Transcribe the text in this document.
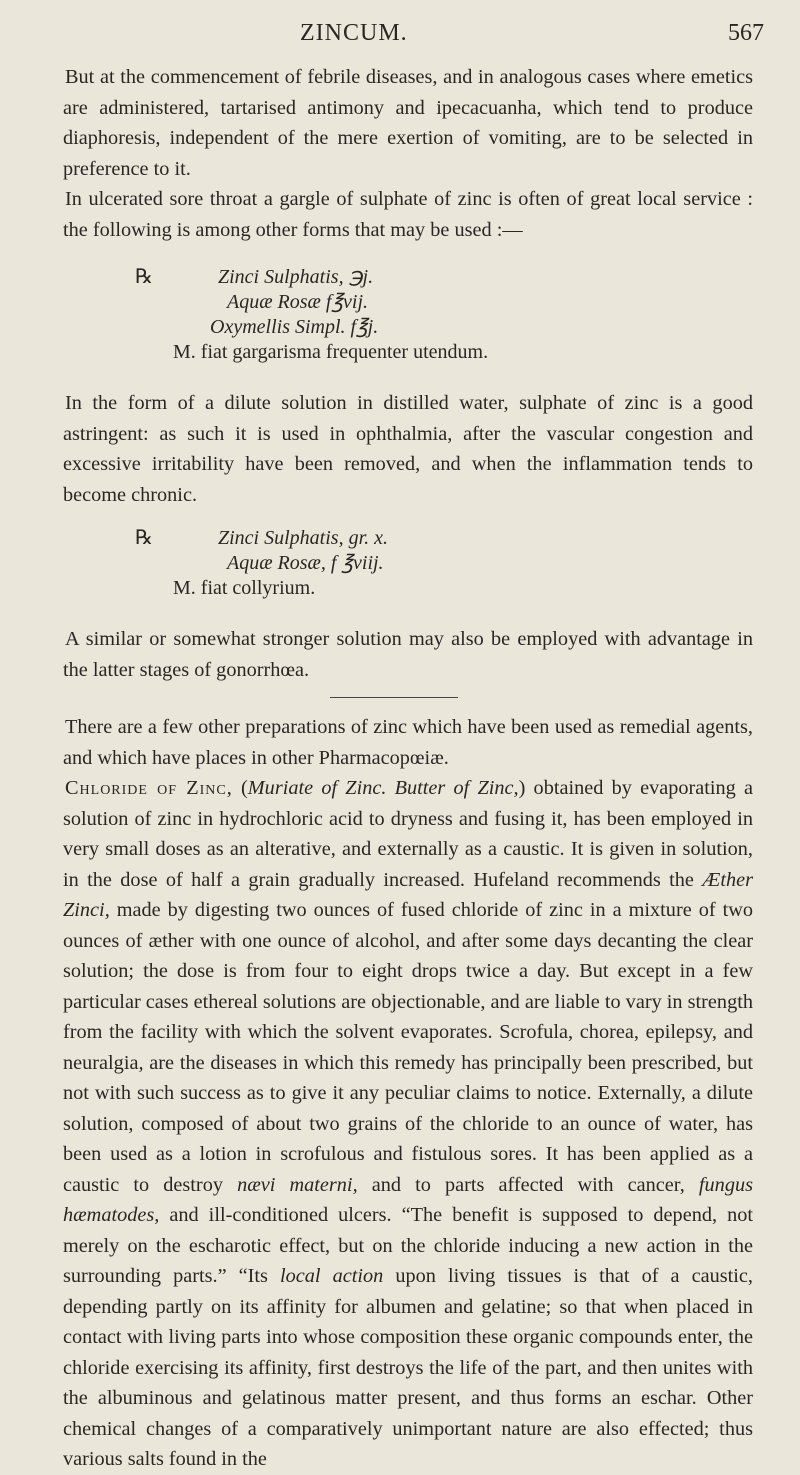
ZINCUM.	567

But at the commencement of febrile diseases, and in analogous cases where emetics are administered, tartarised antimony and ipecacuanha, which tend to produce diaphoresis, independent of the mere exertion of vomiting, are to be selected in preference to it.

In ulcerated sore throat a gargle of sulphate of zinc is often of great local service : the following is among other forms that may be used :—

℞	Zinci Sulphatis, ℈j.
Aquæ Rosæ f℥vij.
Oxymellis Simpl. f℥j.
M. fiat gargarisma frequenter utendum.

In the form of a dilute solution in distilled water, sulphate of zinc is a good astringent: as such it is used in ophthalmia, after the vascular congestion and excessive irritability have been removed, and when the inflammation tends to become chronic.

℞	Zinci Sulphatis, gr. x.
Aquæ Rosæ, f ℥viij.
M. fiat collyrium.

A similar or somewhat stronger solution may also be employed with advantage in the latter stages of gonorrhœa.

There are a few other preparations of zinc which have been used as remedial agents, and which have places in other Pharmacopœiæ.

Chloride of Zinc, (Muriate of Zinc. Butter of Zinc,) obtained by evaporating a solution of zinc in hydrochloric acid to dryness and fusing it, has been employed in very small doses as an alterative, and externally as a caustic. It is given in solution, in the dose of half a grain gradually increased. Hufeland recommends the Æther Zinci, made by digesting two ounces of fused chloride of zinc in a mixture of two ounces of æther with one ounce of alcohol, and after some days decanting the clear solution; the dose is from four to eight drops twice a day. But except in a few particular cases ethereal solutions are objectionable, and are liable to vary in strength from the facility with which the solvent evaporates. Scrofula, chorea, epilepsy, and neuralgia, are the diseases in which this remedy has principally been prescribed, but not with such success as to give it any peculiar claims to notice. Externally, a dilute solution, composed of about two grains of the chloride to an ounce of water, has been used as a lotion in scrofulous and fistulous sores. It has been applied as a caustic to destroy nævi materni, and to parts affected with cancer, fungus hæmatodes, and ill-conditioned ulcers. “The benefit is supposed to depend, not merely on the escharotic effect, but on the chloride inducing a new action in the surrounding parts.” “Its local action upon living tissues is that of a caustic, depending partly on its affinity for albumen and gelatine; so that when placed in contact with living parts into whose composition these organic compounds enter, the chloride exercising its affinity, first destroys the life of the part, and then unites with the albuminous and gelatinous matter present, and thus forms an eschar. Other chemical changes of a comparatively unimportant nature are also effected; thus various salts found in the
